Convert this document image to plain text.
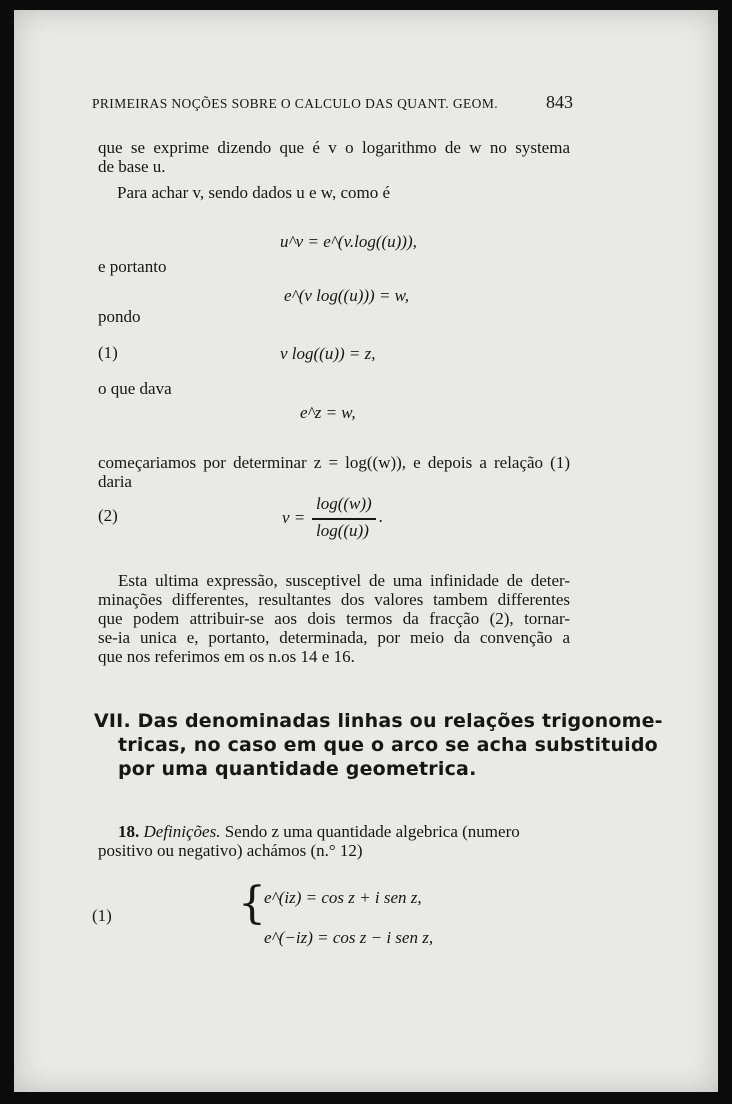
PRIMEIRAS NOÇÕES SOBRE O CALCULO DAS QUANT. GEOM.	843
que se exprime dizendo que é v o logarithmo de w no systema
de base u.
Para achar v, sendo dados u e w, como é
u^v = e^(v.log((u))),
e portanto
e^(v log((u))) = w,
pondo
(1)	v log((u)) = z,
o que dava
e^z = w,
começariamos por determinar z = log((w)), e depois a relação (1)
daria
(2)	v =
log((w))
log((u))
.
Esta ultima expressão, susceptivel de uma infinidade de deter-
minações differentes, resultantes dos valores tambem differentes
que podem attribuir-se aos dois termos da fracção (2), tornar-
se-ia unica e, portanto, determinada, por meio da convenção a
que nos referimos em os n.os 14 e 16.
VII. Das denominadas linhas ou relações trigonome-
tricas, no caso em que o arco se acha substituido
por uma quantidade geometrica.
18. Definições. Sendo z uma quantidade algebrica (numero
positivo ou negativo) achámos (n.° 12)
(1)	{
e^(iz) = cos z + i sen z,
e^(−iz) = cos z − i sen z,
